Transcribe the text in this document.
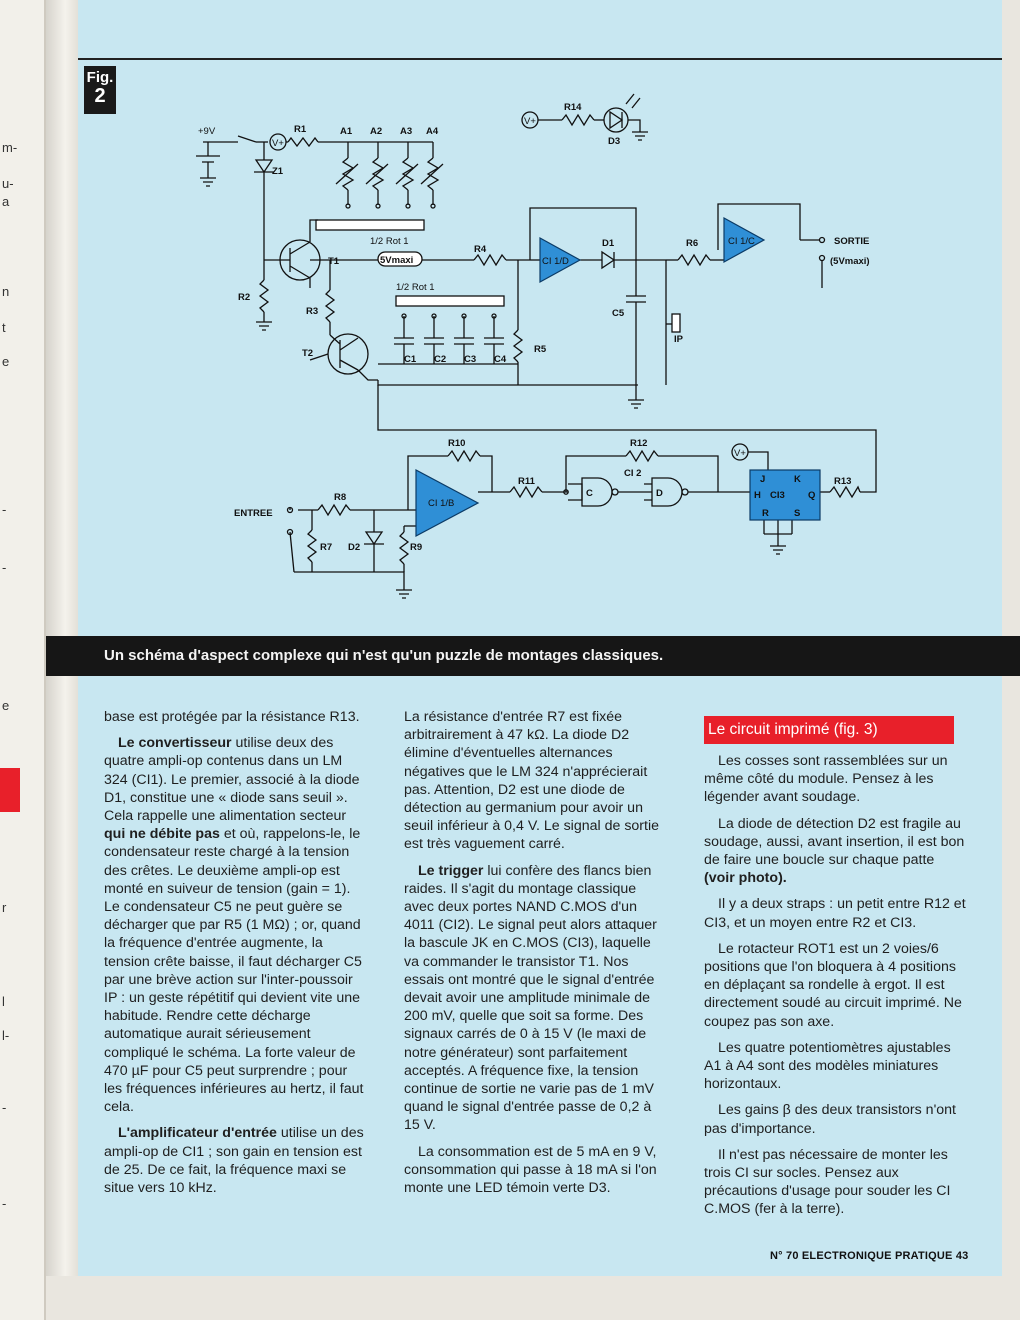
m-
u-
a
n
t
e
-
-
e
r
l
l-
-
-
Fig.
2
+9V
V+
R1	A1 A2 A3 A4
Z1
R14
D3
V+
1/2 Rot 1
1/2 Rot 1
T1
T2
R2
R3
5Vmaxi
R4
R5
C1 C2 C3 C4
C5
D1	R6
IP
CI 1/D
CI 1/C
CI 1/B
SORTIE
(5Vmaxi)
R10	R12
CI 2
R11
C	D
V+
J	K
H CI3 Q
R	S
R13
ENTREE
R8
R7 D2	R9
Un schéma d'aspect complexe qui n'est qu'un puzzle de montages classiques.

base est protégée par la résistance R13.

Le convertisseur utilise deux des quatre ampli-op contenus dans un LM 324 (CI1). Le premier, associé à la diode D1, constitue une « diode sans seuil ». Cela rappelle une alimentation secteur qui ne débite pas et où, rappelons-le, le condensateur reste chargé à la tension des crêtes. Le deuxième ampli-op est monté en suiveur de tension (gain = 1). Le condensateur C5 ne peut guère se décharger que par R5 (1 MΩ) ; or, quand la fréquence d'entrée augmente, la tension crête baisse, il faut décharger C5 par une brève action sur l'inter-poussoir IP : un geste répétitif qui devient vite une habitude. Rendre cette décharge automatique aurait sérieusement compliqué le schéma. La forte valeur de 470 µF pour C5 peut surprendre ; pour les fréquences inférieures au hertz, il faut cela.

L'amplificateur d'entrée utilise un des ampli-op de CI1 ; son gain en tension est de 25. De ce fait, la fréquence maxi se situe vers 10 kHz.

La résistance d'entrée R7 est fixée arbitrairement à 47 kΩ. La diode D2 élimine d'éventuelles alternances négatives que le LM 324 n'apprécierait pas. Attention, D2 est une diode de détection au germanium pour avoir un seuil inférieur à 0,4 V. Le signal de sortie est très vaguement carré.

Le trigger lui confère des flancs bien raides. Il s'agit du montage classique avec deux portes NAND C.MOS d'un 4011 (CI2). Le signal peut alors attaquer la bascule JK en C.MOS (CI3), laquelle va commander le transistor T1. Nos essais ont montré que le signal d'entrée devait avoir une amplitude minimale de 200 mV, quelle que soit sa forme. Des signaux carrés de 0 à 15 V (le maxi de notre générateur) sont parfaitement acceptés. A fréquence fixe, la tension continue de sortie ne varie pas de 1 mV quand le signal d'entrée passe de 0,2 à 15 V.

La consommation est de 5 mA en 9 V, consommation qui passe à 18 mA si l'on monte une LED témoin verte D3.

Le circuit imprimé (fig. 3)

Les cosses sont rassemblées sur un même côté du module. Pensez à les légender avant soudage.

La diode de détection D2 est fragile au soudage, aussi, avant insertion, il est bon de faire une boucle sur chaque patte (voir photo).

Il y a deux straps : un petit entre R12 et CI3, et un moyen entre R2 et CI3.

Le rotacteur ROT1 est un 2 voies/6 positions que l'on bloquera à 4 positions en déplaçant sa rondelle à ergot. Il est directement soudé au circuit imprimé. Ne coupez pas son axe.

Les quatre potentiomètres ajustables A1 à A4 sont des modèles miniatures horizontaux.

Les gains β des deux transistors n'ont pas d'importance.

Il n'est pas nécessaire de monter les trois CI sur socles. Pensez aux précautions d'usage pour souder les CI C.MOS (fer à la terre).

N° 70 ELECTRONIQUE PRATIQUE 43
